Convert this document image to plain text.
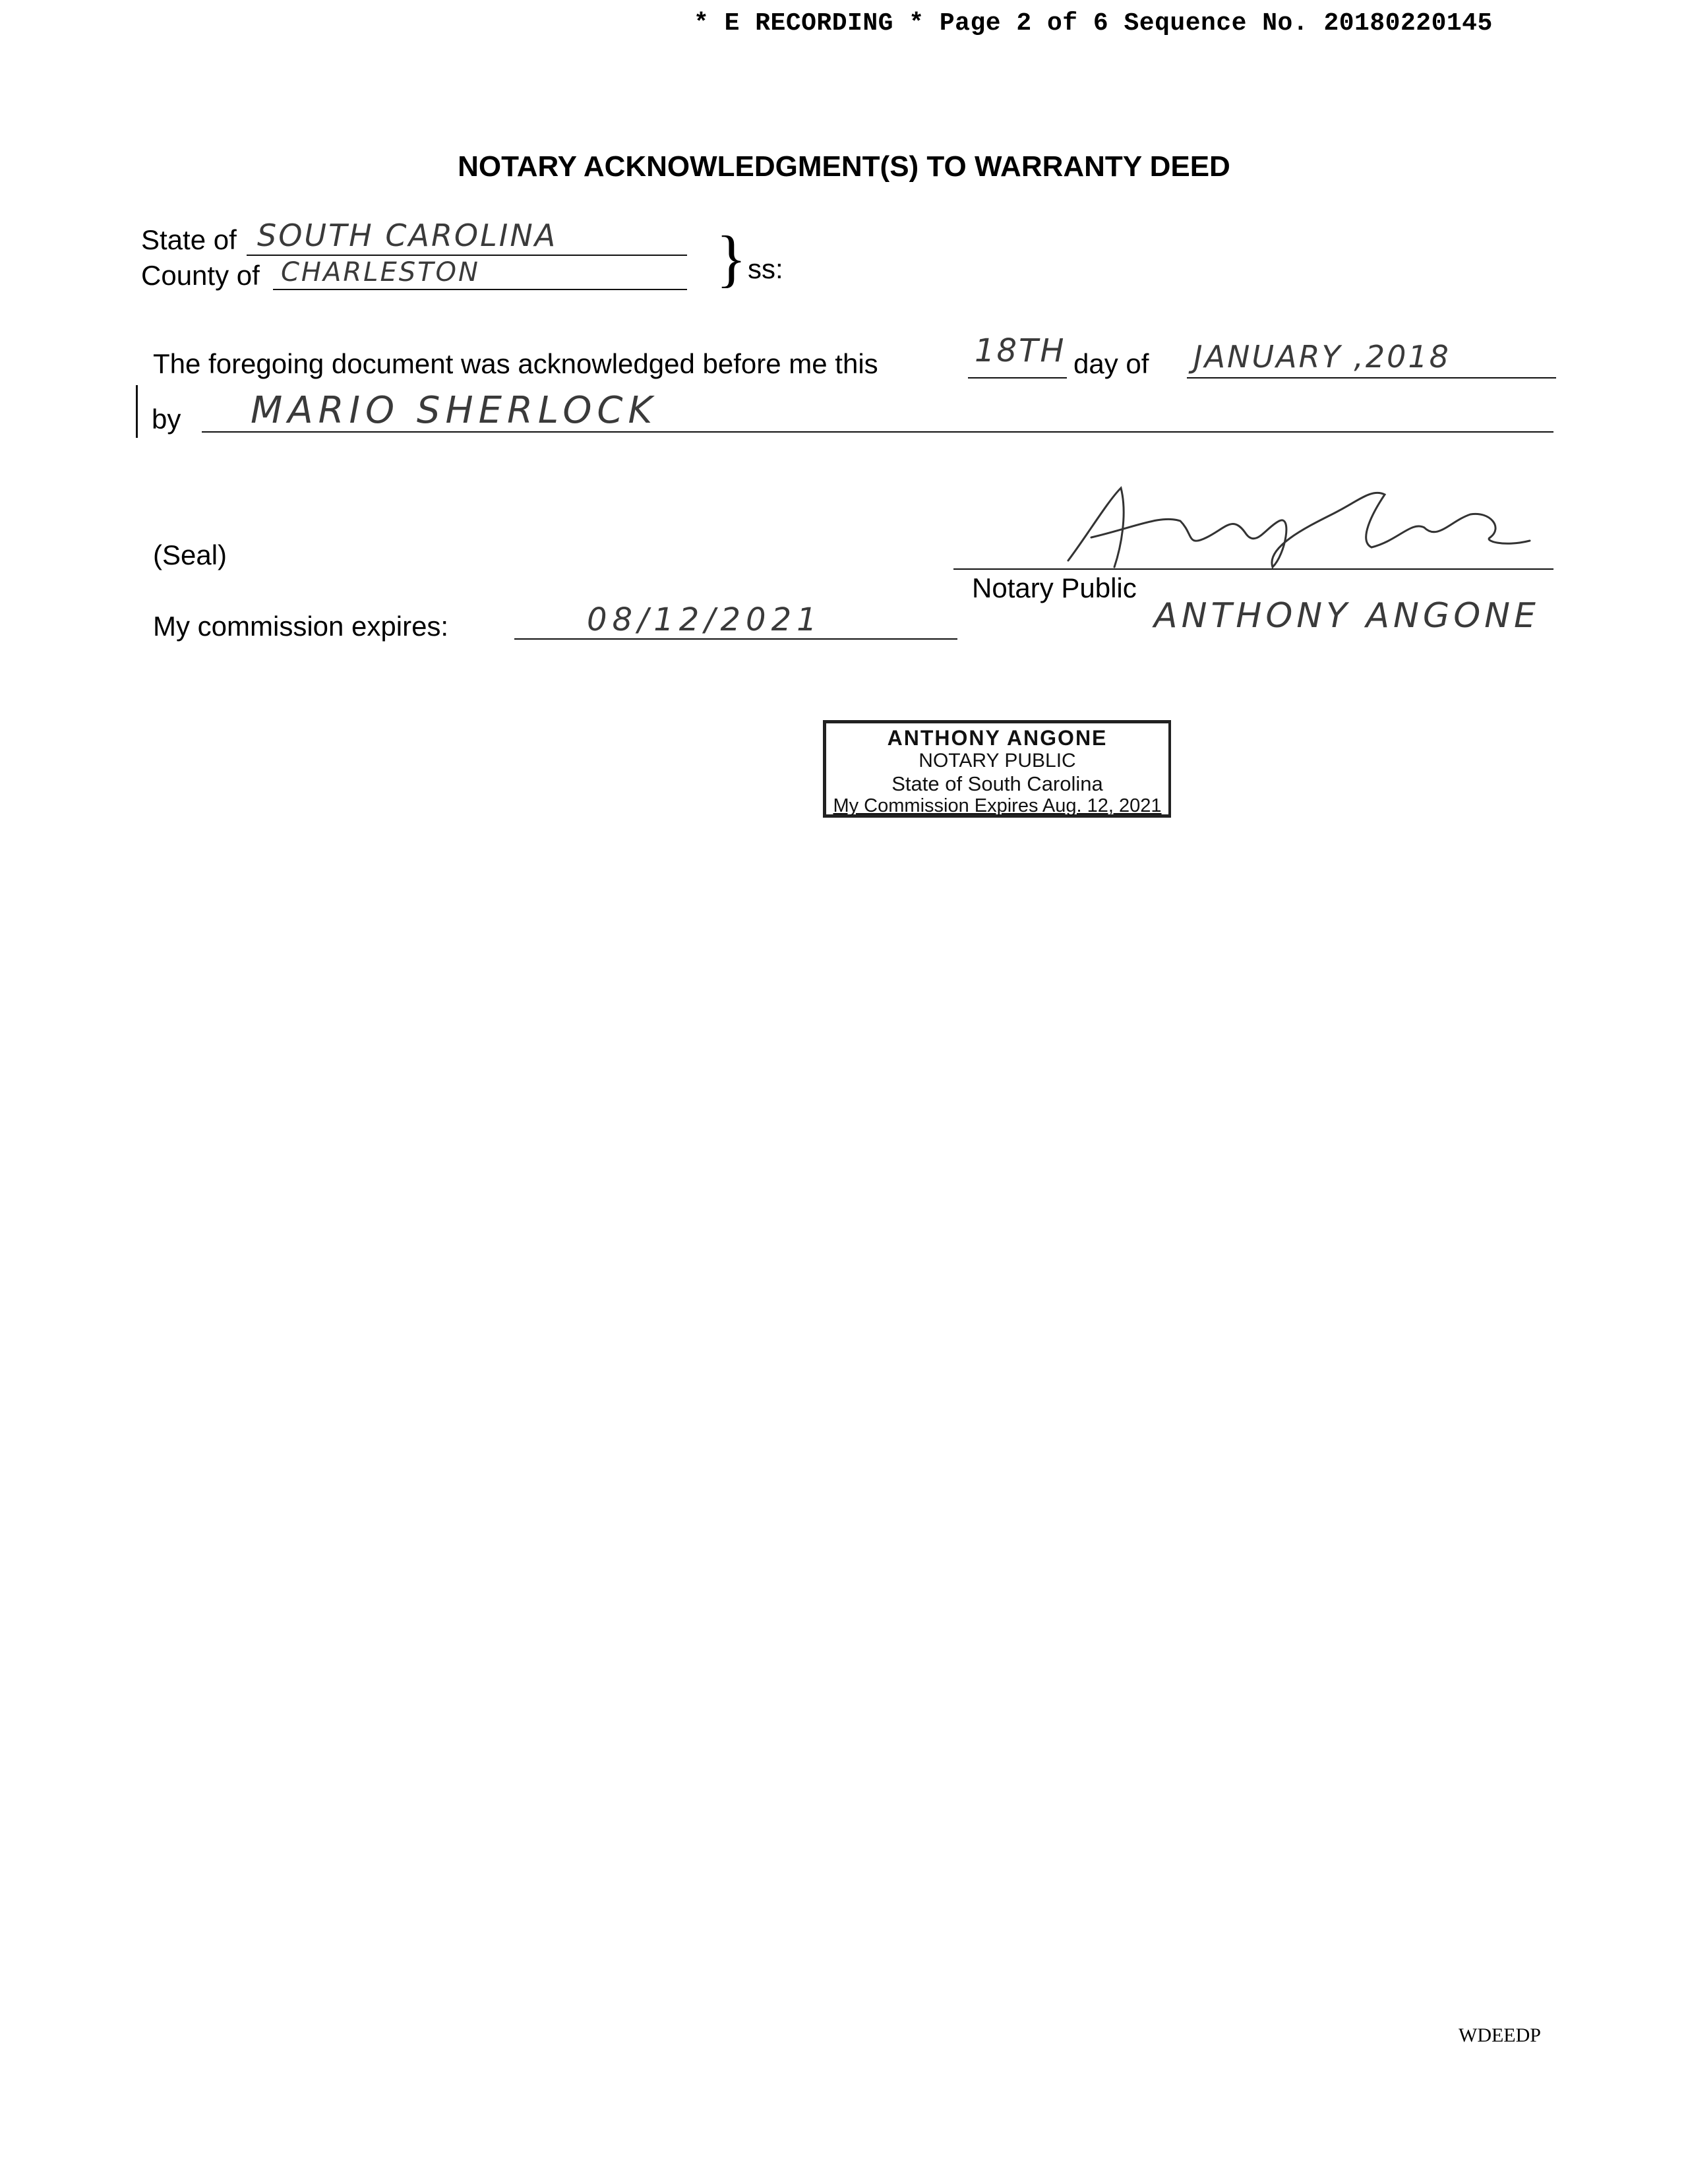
* E RECORDING * Page 2 of 6 Sequence No. 20180220145
NOTARY ACKNOWLEDGMENT(S) TO WARRANTY DEED
State of SOUTH CAROLINA
County of CHARLESTON	} ss:
The foregoing document was acknowledged before me this	18TH day of JANUARY ,2018
by MARIO SHERLOCK
(Seal)
Notary Public
ANTHONY ANGONE
My commission expires:	08/12/2021
ANTHONY ANGONE
NOTARY PUBLIC
State of South Carolina
My Commission Expires Aug. 12, 2021
WDEEDP
